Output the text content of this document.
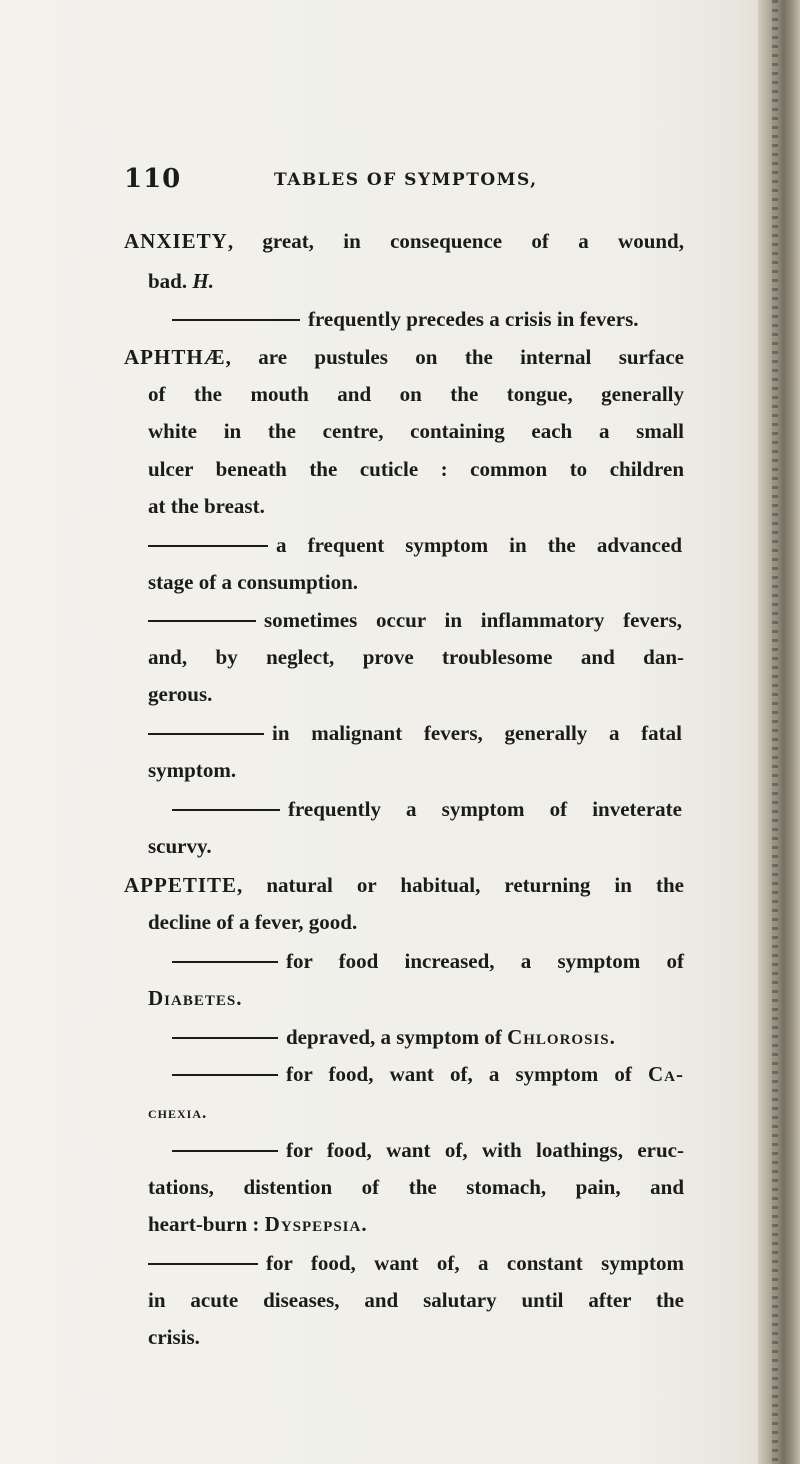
110	TABLES OF SYMPTOMS,
ANXIETY, great, in consequence of a wound,
bad. H.
frequently precedes a crisis in fevers.
APHTHÆ, are pustules on the internal surface
of the mouth and on the tongue, generally
white in the centre, containing each a small
ulcer beneath the cuticle : common to children
at the breast.
a frequent symptom in the advanced
stage of a consumption.
sometimes occur in inflammatory fevers,
and, by neglect, prove troublesome and dan-
gerous.
in malignant fevers, generally a fatal
symptom.
frequently a symptom of inveterate
scurvy.
APPETITE, natural or habitual, returning in the
decline of a fever, good.
for food increased, a symptom of
Diabetes.
depraved, a symptom of Chlorosis.
for food, want of, a symptom of Ca-
chexia.
for food, want of, with loathings, eruc-
tations, distention of the stomach, pain, and
heart-burn : Dyspepsia.
for food, want of, a constant symptom
in acute diseases, and salutary until after the
crisis.
